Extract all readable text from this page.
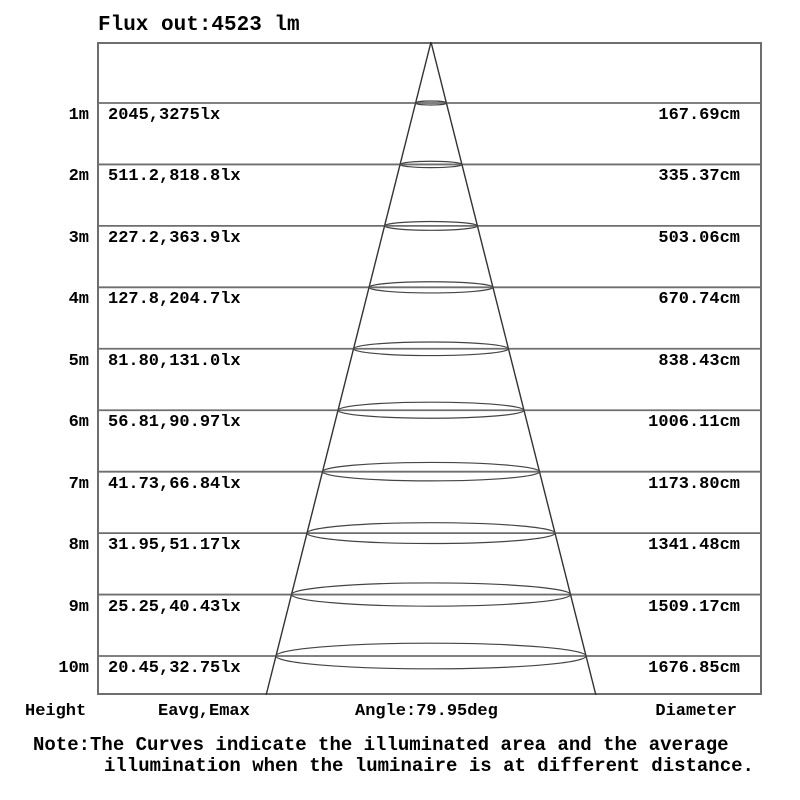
Flux out:4523 lm
1m 2045,3275lx	167.69cm
2m 511.2,818.8lx	335.37cm
3m 227.2,363.9lx	503.06cm
4m 127.8,204.7lx	670.74cm
5m 81.80,131.0lx	838.43cm
6m 56.81,90.97lx	1006.11cm
7m 41.73,66.84lx	1173.80cm
8m 31.95,51.17lx	1341.48cm
9m 25.25,40.43lx	1509.17cm
10m 20.45,32.75lx	1676.85cm
Height	Eavg,Emax	Angle:79.95deg	Diameter
Note:The Curves indicate the illuminated area and the average
illumination when the luminaire is at different distance.
